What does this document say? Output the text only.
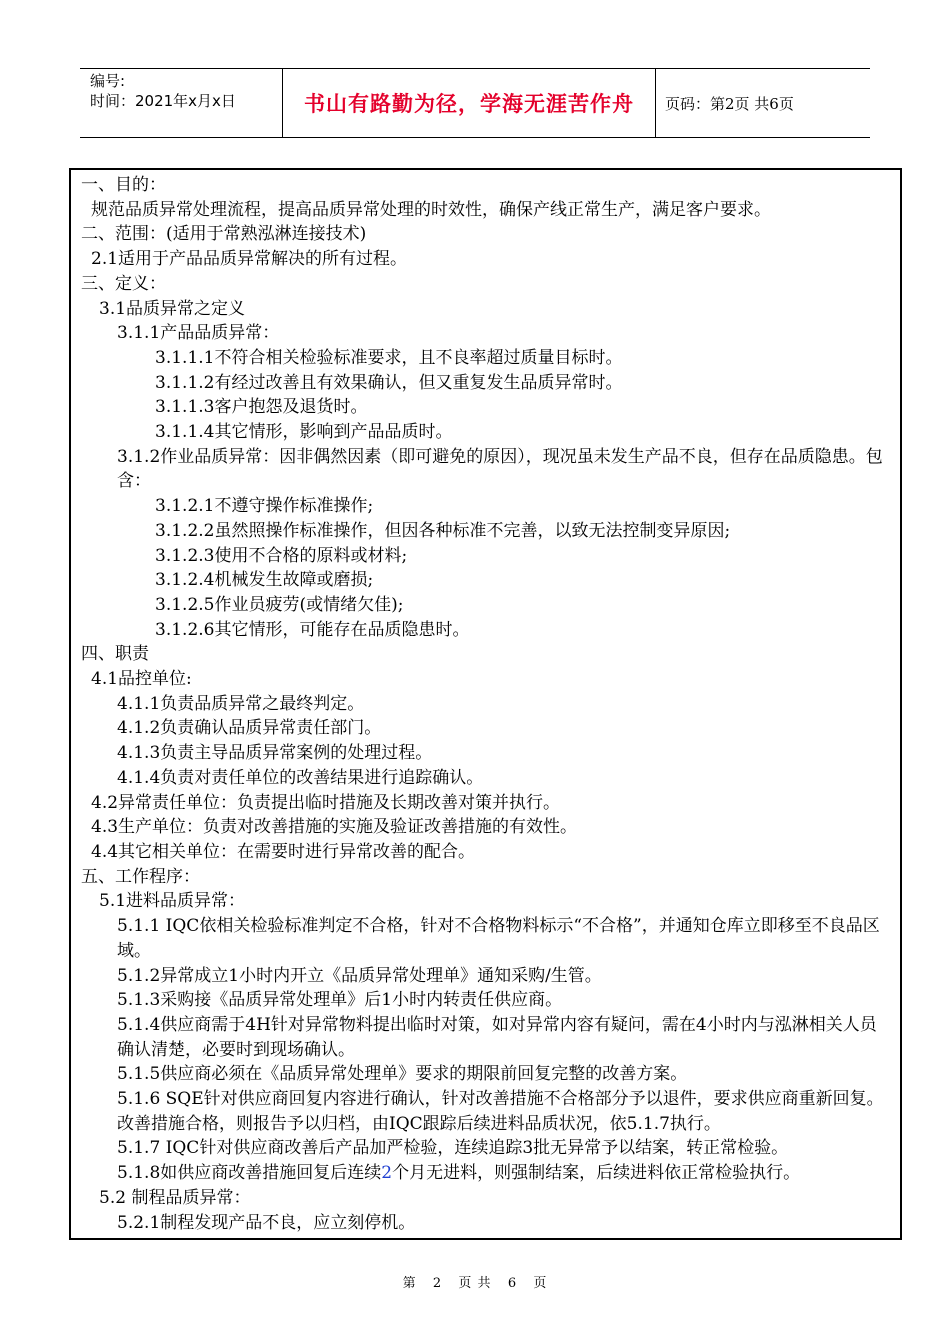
编号:
时间：2021年x月x日	书山有路勤为径，学海无涯苦作舟 页码：第2页 共6页
一、目的：
规范品质异常处理流程，提高品质异常处理的时效性，确保产线正常生产，满足客户要求。
二、范围：(适用于常熟泓淋连接技术)
2.1适用于产品品质异常解决的所有过程。
三、定义：
3.1品质异常之定义
3.1.1产品品质异常：
3.1.1.1不符合相关检验标准要求，且不良率超过质量目标时。
3.1.1.2有经过改善且有效果确认，但又重复发生品质异常时。
3.1.1.3客户抱怨及退货时。
3.1.1.4其它情形，影响到产品品质时。
3.1.2作业品质异常：因非偶然因素（即可避免的原因），现况虽未发生产品不良，但存在品质隐患。包含：
3.1.2.1不遵守操作标准操作;
3.1.2.2虽然照操作标准操作，但因各种标准不完善，以致无法控制变异原因;
3.1.2.3使用不合格的原料或材料;
3.1.2.4机械发生故障或磨损;
3.1.2.5作业员疲劳(或情绪欠佳);
3.1.2.6其它情形，可能存在品质隐患时。
四、职责
4.1品控单位:
4.1.1负责品质异常之最终判定。
4.1.2负责确认品质异常责任部门。
4.1.3负责主导品质异常案例的处理过程。
4.1.4负责对责任单位的改善结果进行追踪确认。
4.2异常责任单位：负责提出临时措施及长期改善对策并执行。
4.3生产单位：负责对改善措施的实施及验证改善措施的有效性。
4.4其它相关单位：在需要时进行异常改善的配合。
五、工作程序：
5.1进料品质异常：
5.1.1 IQC依相关检验标准判定不合格，针对不合格物料标示“不合格”，并通知仓库立即移至不良品区域。
5.1.2异常成立1小时内开立《品质异常处理单》通知采购/生管。
5.1.3采购接《品质异常处理单》后1小时内转责任供应商。
5.1.4供应商需于4H针对异常物料提出临时对策，如对异常内容有疑问，需在4小时内与泓淋相关人员确认清楚，必要时到现场确认。
5.1.5供应商必须在《品质异常处理单》要求的期限前回复完整的改善方案。
5.1.6 SQE针对供应商回复内容进行确认，针对改善措施不合格部分予以退件，要求供应商重新回复。改善措施合格，则报告予以归档，由IQC跟踪后续进料品质状况，依5.1.7执行。
5.1.7 IQC针对供应商改善后产品加严检验，连续追踪3批无异常予以结案，转正常检验。
5.1.8如供应商改善措施回复后连续2个月无进料，则强制结案，后续进料依正常检验执行。
5.2 制程品质异常：
5.2.1制程发现产品不良，应立刻停机。
第 2 页 共 6 页
